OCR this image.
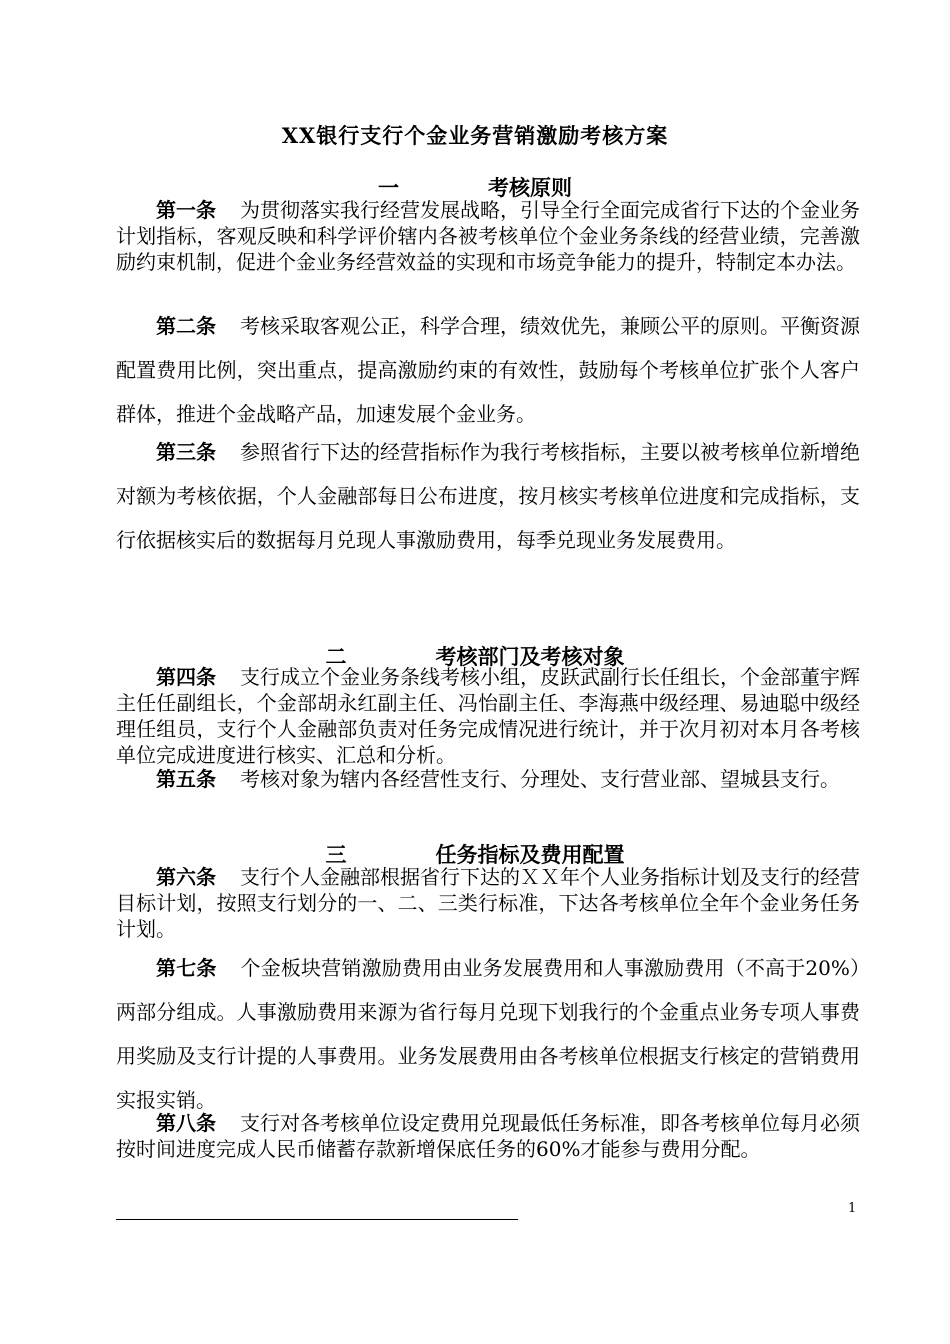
XX银行支行个金业务营销激励考核方案
一	考核原则

第一条 为贯彻落实我行经营发展战略，引导全行全面完成省行下达的个金业务计划指标，客观反映和科学评价辖内各被考核单位个金业务条线的经营业绩，完善激励约束机制，促进个金业务经营效益的实现和市场竞争能力的提升，特制定本办法。

第二条 考核采取客观公正，科学合理，绩效优先，兼顾公平的原则。平衡资源配置费用比例，突出重点，提高激励约束的有效性，鼓励每个考核单位扩张个人客户群体，推进个金战略产品，加速发展个金业务。

第三条 参照省行下达的经营指标作为我行考核指标，主要以被考核单位新增绝对额为考核依据，个人金融部每日公布进度，按月核实考核单位进度和完成指标，支行依据核实后的数据每月兑现人事激励费用，每季兑现业务发展费用。

二	考核部门及考核对象

第四条 支行成立个金业务条线考核小组，皮跃武副行长任组长，个金部董宇辉主任任副组长，个金部胡永红副主任、冯怡副主任、李海燕中级经理、易迪聪中级经理任组员，支行个人金融部负责对任务完成情况进行统计，并于次月初对本月各考核单位完成进度进行核实、汇总和分析。

第五条 考核对象为辖内各经营性支行、分理处、支行营业部、望城县支行。

三	任务指标及费用配置

第六条 支行个人金融部根据省行下达的ＸＸ年个人业务指标计划及支行的经营目标计划，按照支行划分的一、二、三类行标准，下达各考核单位全年个金业务任务计划。

第七条 个金板块营销激励费用由业务发展费用和人事激励费用（不高于20%）两部分组成。人事激励费用来源为省行每月兑现下划我行的个金重点业务专项人事费用奖励及支行计提的人事费用。业务发展费用由各考核单位根据支行核定的营销费用实报实销。

第八条 支行对各考核单位设定费用兑现最低任务标准，即各考核单位每月必须按时间进度完成人民币储蓄存款新增保底任务的60%才能参与费用分配。

1
